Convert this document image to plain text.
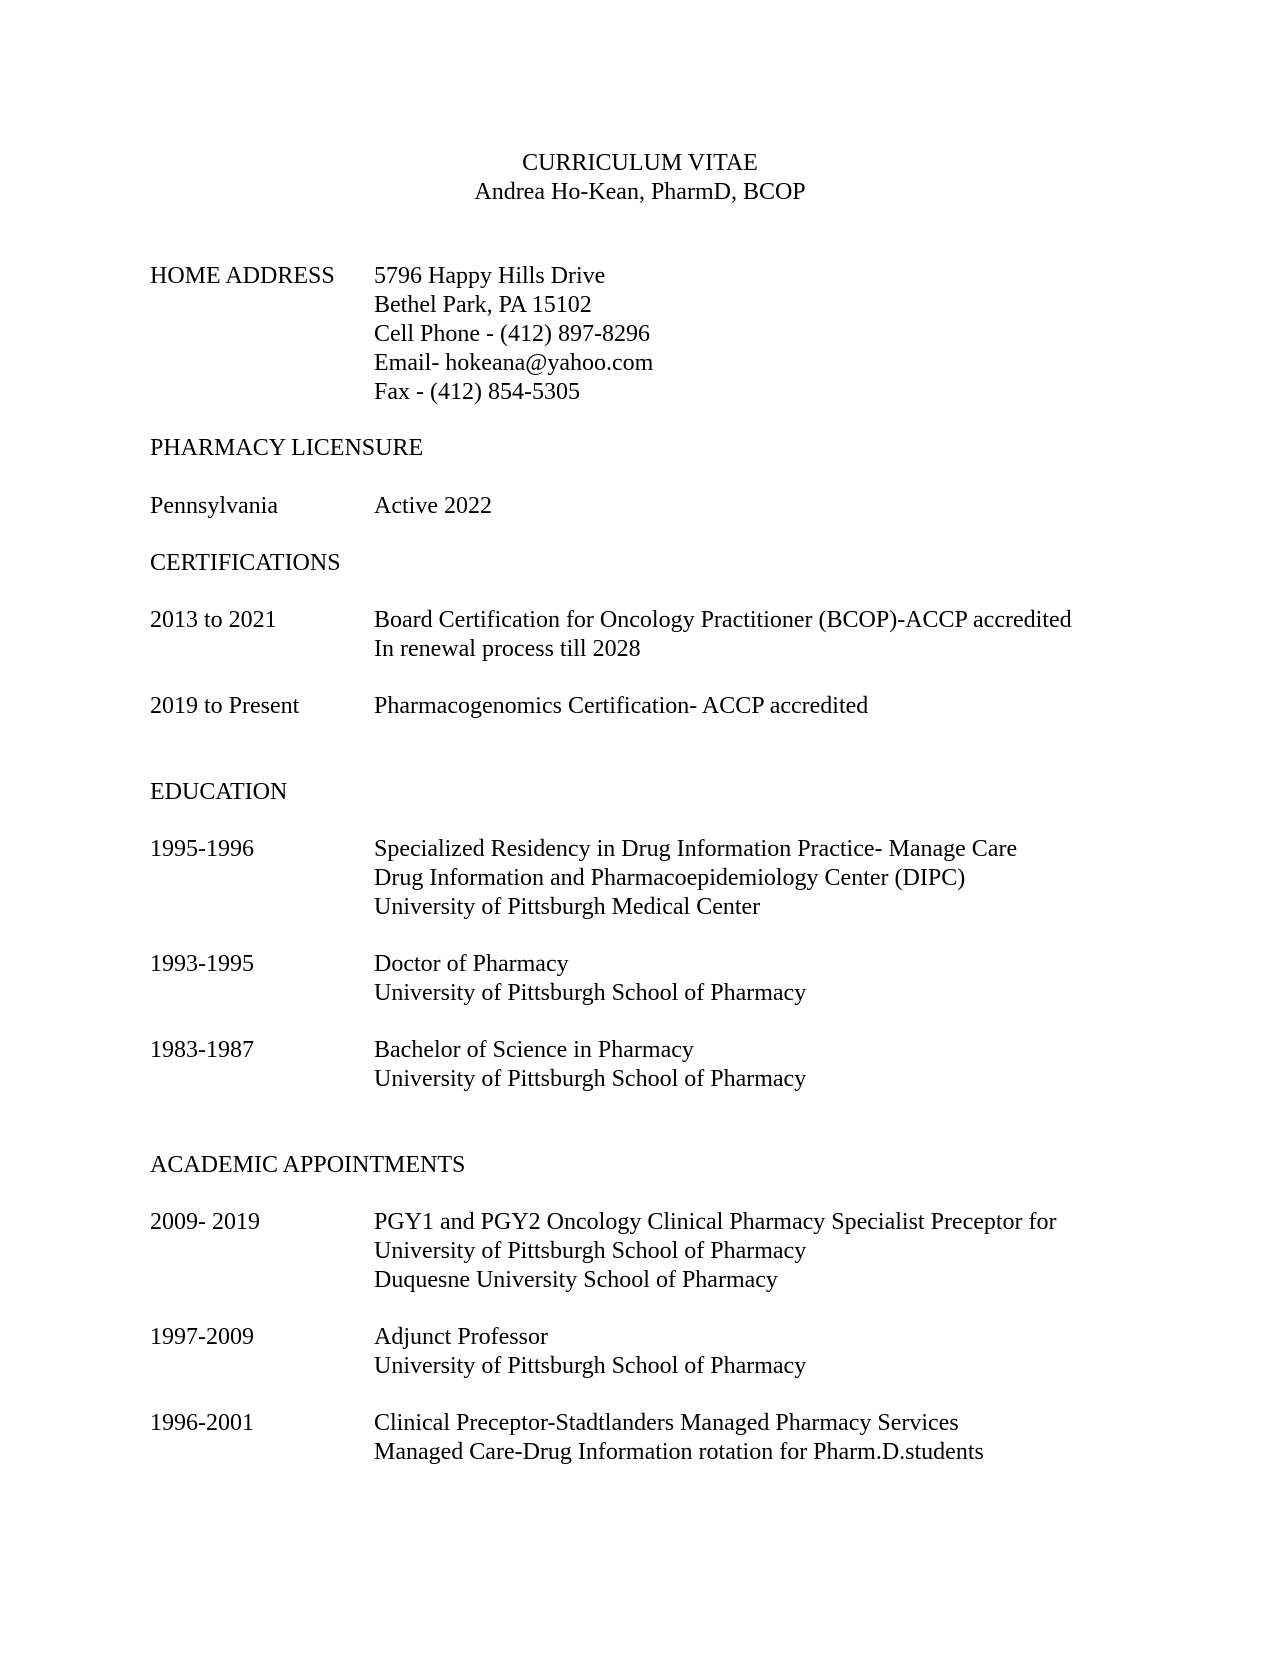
CURRICULUM VITAE
Andrea Ho-Kean, PharmD, BCOP
HOME ADDRESS 5796 Happy Hills Drive
Bethel Park, PA 15102
Cell Phone - (412) 897-8296
Email- hokeana@yahoo.com
Fax - (412) 854-5305
PHARMACY LICENSURE
Pennsylvania	Active 2022
CERTIFICATIONS
2013 to 2021	Board Certification for Oncology Practitioner (BCOP)-ACCP accredited
In renewal process till 2028
2019 to Present	Pharmacogenomics Certification- ACCP accredited
EDUCATION
1995-1996	Specialized Residency in Drug Information Practice- Manage Care
Drug Information and Pharmacoepidemiology Center (DIPC)
University of Pittsburgh Medical Center
1993-1995	Doctor of Pharmacy
University of Pittsburgh School of Pharmacy
1983-1987	Bachelor of Science in Pharmacy
University of Pittsburgh School of Pharmacy
ACADEMIC APPOINTMENTS
2009- 2019	PGY1 and PGY2 Oncology Clinical Pharmacy Specialist Preceptor for
University of Pittsburgh School of Pharmacy
Duquesne University School of Pharmacy
1997-2009	Adjunct Professor
University of Pittsburgh School of Pharmacy
1996-2001	Clinical Preceptor-Stadtlanders Managed Pharmacy Services
Managed Care-Drug Information rotation for Pharm.D.students
